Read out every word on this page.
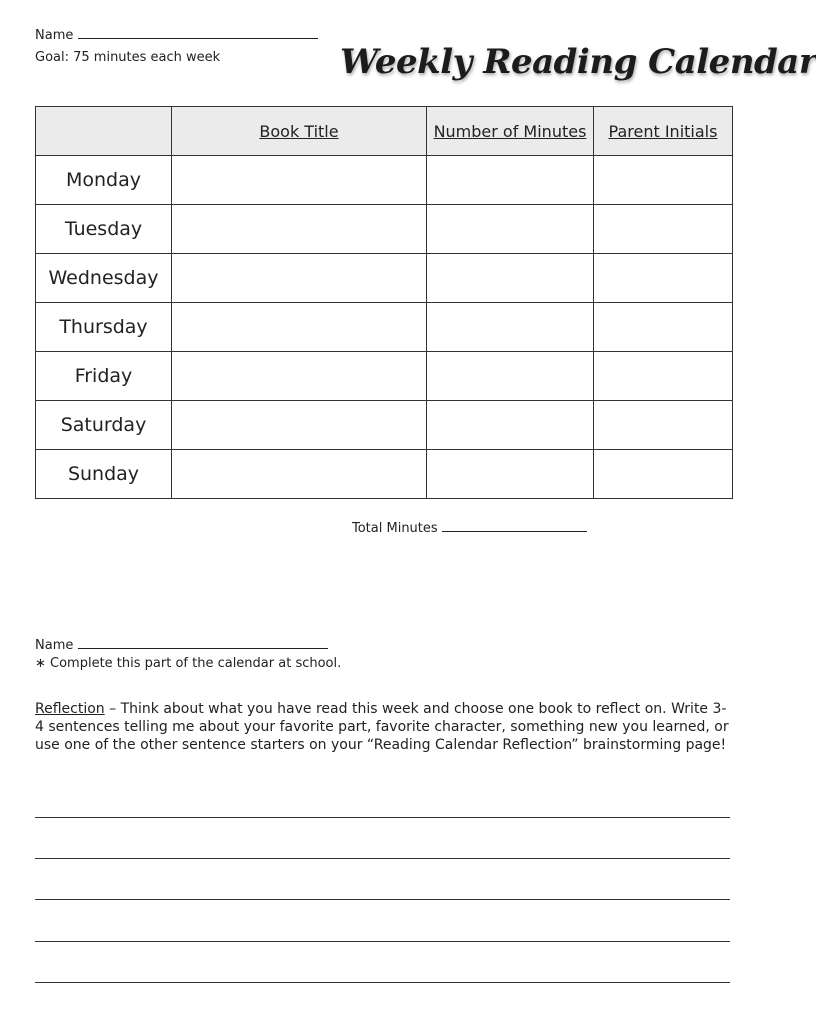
Name
Goal: 75 minutes each week	Weekly Reading Calendar
	Book Title	Number of Minutes	Parent Initials
Monday			
Tuesday			
Wednesday			
Thursday			
Friday			
Saturday			
Sunday			
Total Minutes
Name
∗ Complete this part of the calendar at school.
Reflection – Think about what you have read this week and choose one book to reflect on. Write 3-4 sentences telling me about your favorite part, favorite character, something new you learned, or use one of the other sentence starters on your “Reading Calendar Reflection” brainstorming page!
